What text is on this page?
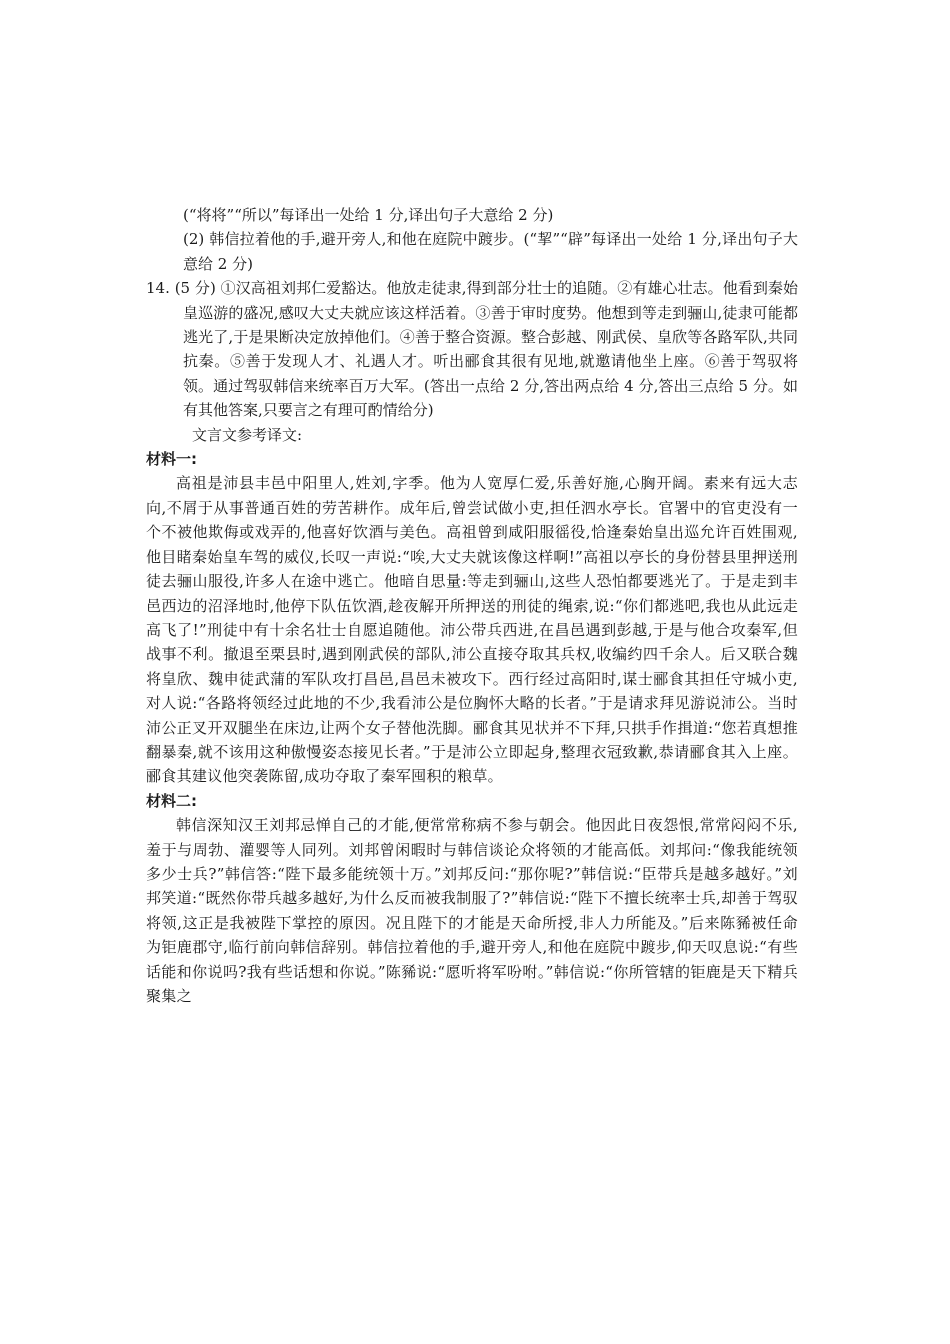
(“将将”“所以”每译出一处给 1 分,译出句子大意给 2 分)

(2) 韩信拉着他的手,避开旁人,和他在庭院中踱步。(“挈”“辟”每译出一处给 1 分,译出句子大意给 2 分)

14. (5 分) ①汉高祖刘邦仁爱豁达。他放走徒隶,得到部分壮士的追随。②有雄心壮志。他看到秦始皇巡游的盛况,感叹大丈夫就应该这样活着。③善于审时度势。他想到等走到骊山,徒隶可能都逃光了,于是果断决定放掉他们。④善于整合资源。整合彭越、刚武侯、皇欣等各路军队,共同抗秦。⑤善于发现人才、礼遇人才。听出郦食其很有见地,就邀请他坐上座。⑥善于驾驭将领。通过驾驭韩信来统率百万大军。(答出一点给 2 分,答出两点给 4 分,答出三点给 5 分。如有其他答案,只要言之有理可酌情给分)

文言文参考译文:

材料一:

高祖是沛县丰邑中阳里人,姓刘,字季。他为人宽厚仁爱,乐善好施,心胸开阔。素来有远大志向,不屑于从事普通百姓的劳苦耕作。成年后,曾尝试做小吏,担任泗水亭长。官署中的官吏没有一个不被他欺侮或戏弄的,他喜好饮酒与美色。高祖曾到咸阳服徭役,恰逢秦始皇出巡允许百姓围观,他目睹秦始皇车驾的威仪,长叹一声说:“唉,大丈夫就该像这样啊!”高祖以亭长的身份替县里押送刑徒去骊山服役,许多人在途中逃亡。他暗自思量:等走到骊山,这些人恐怕都要逃光了。于是走到丰邑西边的沼泽地时,他停下队伍饮酒,趁夜解开所押送的刑徒的绳索,说:“你们都逃吧,我也从此远走高飞了!”刑徒中有十余名壮士自愿追随他。沛公带兵西进,在昌邑遇到彭越,于是与他合攻秦军,但战事不利。撤退至栗县时,遇到刚武侯的部队,沛公直接夺取其兵权,收编约四千余人。后又联合魏将皇欣、魏申徒武蒲的军队攻打昌邑,昌邑未被攻下。西行经过高阳时,谋士郦食其担任守城小吏,对人说:“各路将领经过此地的不少,我看沛公是位胸怀大略的长者。”于是请求拜见游说沛公。当时沛公正叉开双腿坐在床边,让两个女子替他洗脚。郦食其见状并不下拜,只拱手作揖道:“您若真想推翻暴秦,就不该用这种傲慢姿态接见长者。”于是沛公立即起身,整理衣冠致歉,恭请郦食其入上座。郦食其建议他突袭陈留,成功夺取了秦军囤积的粮草。

材料二:

韩信深知汉王刘邦忌惮自己的才能,便常常称病不参与朝会。他因此日夜怨恨,常常闷闷不乐,羞于与周勃、灌婴等人同列。刘邦曾闲暇时与韩信谈论众将领的才能高低。刘邦问:“像我能统领多少士兵?”韩信答:“陛下最多能统领十万。”刘邦反问:“那你呢?”韩信说:“臣带兵是越多越好。”刘邦笑道:“既然你带兵越多越好,为什么反而被我制服了?”韩信说:“陛下不擅长统率士兵,却善于驾驭将领,这正是我被陛下掌控的原因。况且陛下的才能是天命所授,非人力所能及。”后来陈豨被任命为钜鹿郡守,临行前向韩信辞别。韩信拉着他的手,避开旁人,和他在庭院中踱步,仰天叹息说:“有些话能和你说吗?我有些话想和你说。”陈豨说:“愿听将军吩咐。”韩信说:“你所管辖的钜鹿是天下精兵聚集之
